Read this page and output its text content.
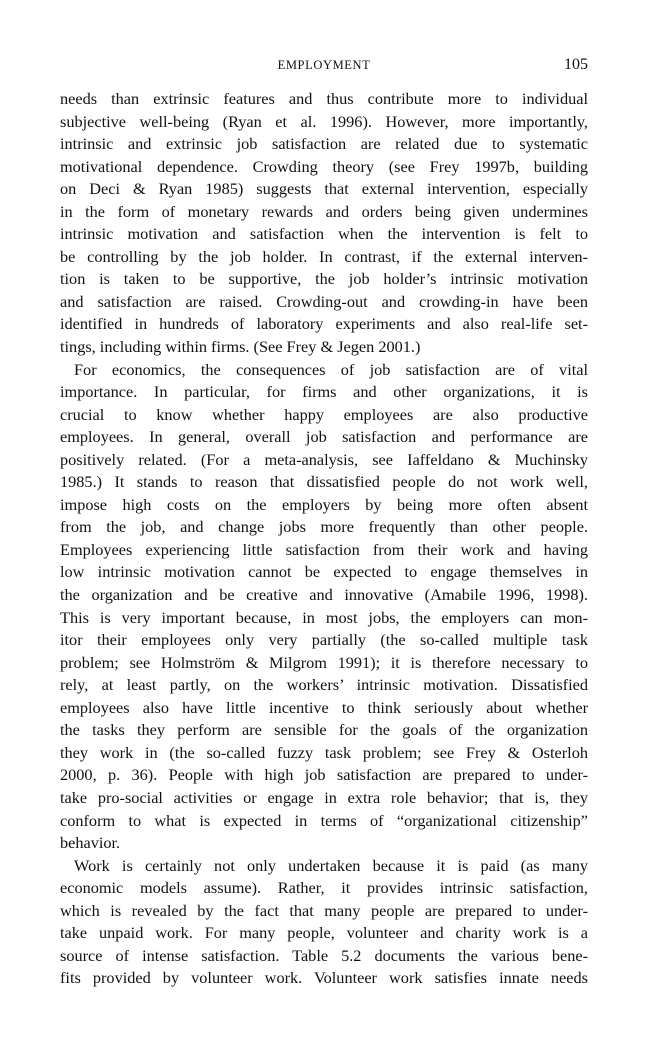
EMPLOYMENT	105
needs than extrinsic features and thus contribute more to individual
subjective well-being (Ryan et al. 1996). However, more importantly,
intrinsic and extrinsic job satisfaction are related due to systematic
motivational dependence. Crowding theory (see Frey 1997b, building
on Deci & Ryan 1985) suggests that external intervention, especially
in the form of monetary rewards and orders being given undermines
intrinsic motivation and satisfaction when the intervention is felt to
be controlling by the job holder. In contrast, if the external interven-
tion is taken to be supportive, the job holder’s intrinsic motivation
and satisfaction are raised. Crowding-out and crowding-in have been
identified in hundreds of laboratory experiments and also real-life set-
tings, including within firms. (See Frey & Jegen 2001.)
For economics, the consequences of job satisfaction are of vital
importance. In particular, for firms and other organizations, it is
crucial to know whether happy employees are also productive
employees. In general, overall job satisfaction and performance are
positively related. (For a meta-analysis, see Iaffeldano & Muchinsky
1985.) It stands to reason that dissatisfied people do not work well,
impose high costs on the employers by being more often absent
from the job, and change jobs more frequently than other people.
Employees experiencing little satisfaction from their work and having
low intrinsic motivation cannot be expected to engage themselves in
the organization and be creative and innovative (Amabile 1996, 1998).
This is very important because, in most jobs, the employers can mon-
itor their employees only very partially (the so-called multiple task
problem; see Holmström & Milgrom 1991); it is therefore necessary to
rely, at least partly, on the workers’ intrinsic motivation. Dissatisfied
employees also have little incentive to think seriously about whether
the tasks they perform are sensible for the goals of the organization
they work in (the so-called fuzzy task problem; see Frey & Osterloh
2000, p. 36). People with high job satisfaction are prepared to under-
take pro-social activities or engage in extra role behavior; that is, they
conform to what is expected in terms of “organizational citizenship”
behavior.
Work is certainly not only undertaken because it is paid (as many
economic models assume). Rather, it provides intrinsic satisfaction,
which is revealed by the fact that many people are prepared to under-
take unpaid work. For many people, volunteer and charity work is a
source of intense satisfaction. Table 5.2 documents the various bene-
fits provided by volunteer work. Volunteer work satisfies innate needs
